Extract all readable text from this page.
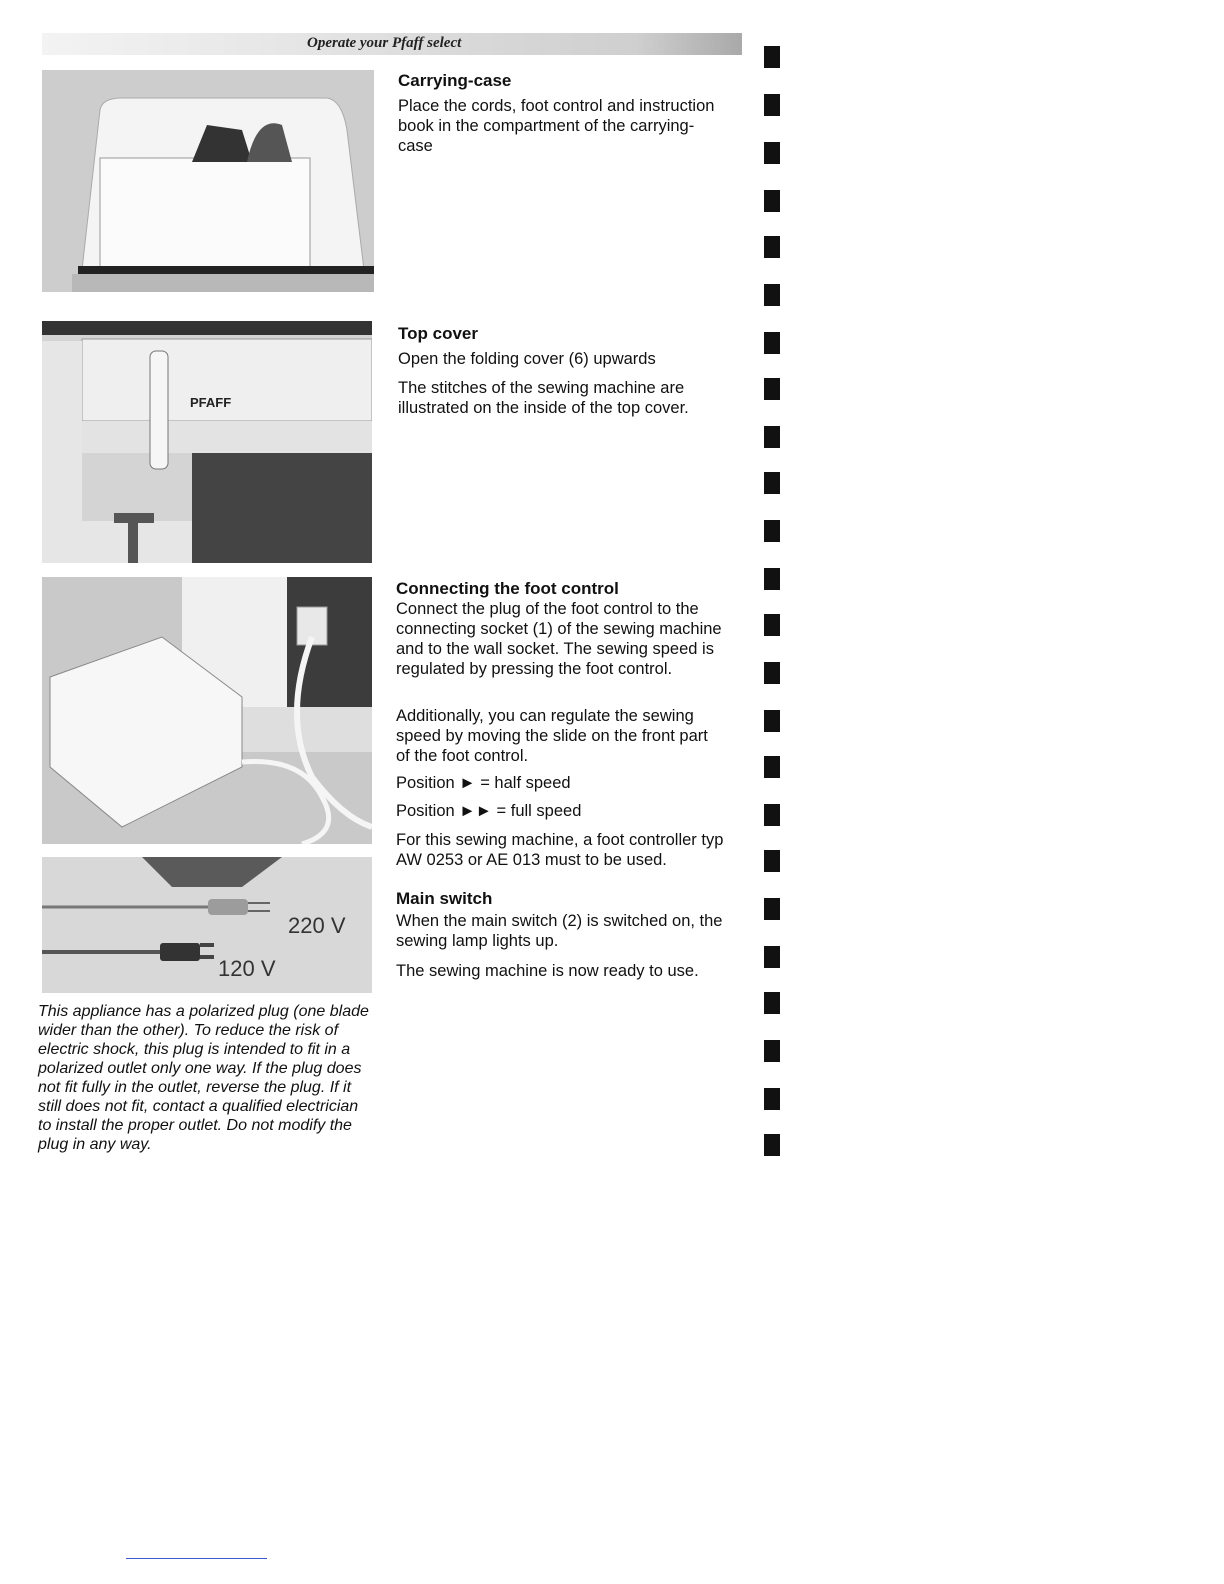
Operate your Pfaff select
PFAFF
220 V
120 V
Carrying-case
Place the cords, foot control and instruction book in the compartment of the carrying-case
Top cover
Open the folding cover (6) upwards
The stitches of the sewing machine are illustrated on the inside of the top cover.
Connecting the foot control
Connect the plug of the foot control to the connecting socket (1) of the sewing machine and to the wall socket. The sewing speed is regulated by pressing the foot control.
Additionally, you can regulate the sewing speed by moving the slide on the front part of the foot control.
Position ► = half speed
Position ►► = full speed
For this sewing machine, a foot controller typ AW 0253 or AE 013 must to be used.
Main switch
When the main switch (2) is switched on, the sewing lamp lights up.
The sewing machine is now ready to use.
This appliance has a polarized plug (one blade wider than the other). To reduce the risk of electric shock, this plug is intended to fit in a polarized outlet only one way. If the plug does not fit fully in the outlet, reverse the plug. If it still does not fit, contact a qualified electrician to install the proper outlet. Do not modify the plug in any way.
